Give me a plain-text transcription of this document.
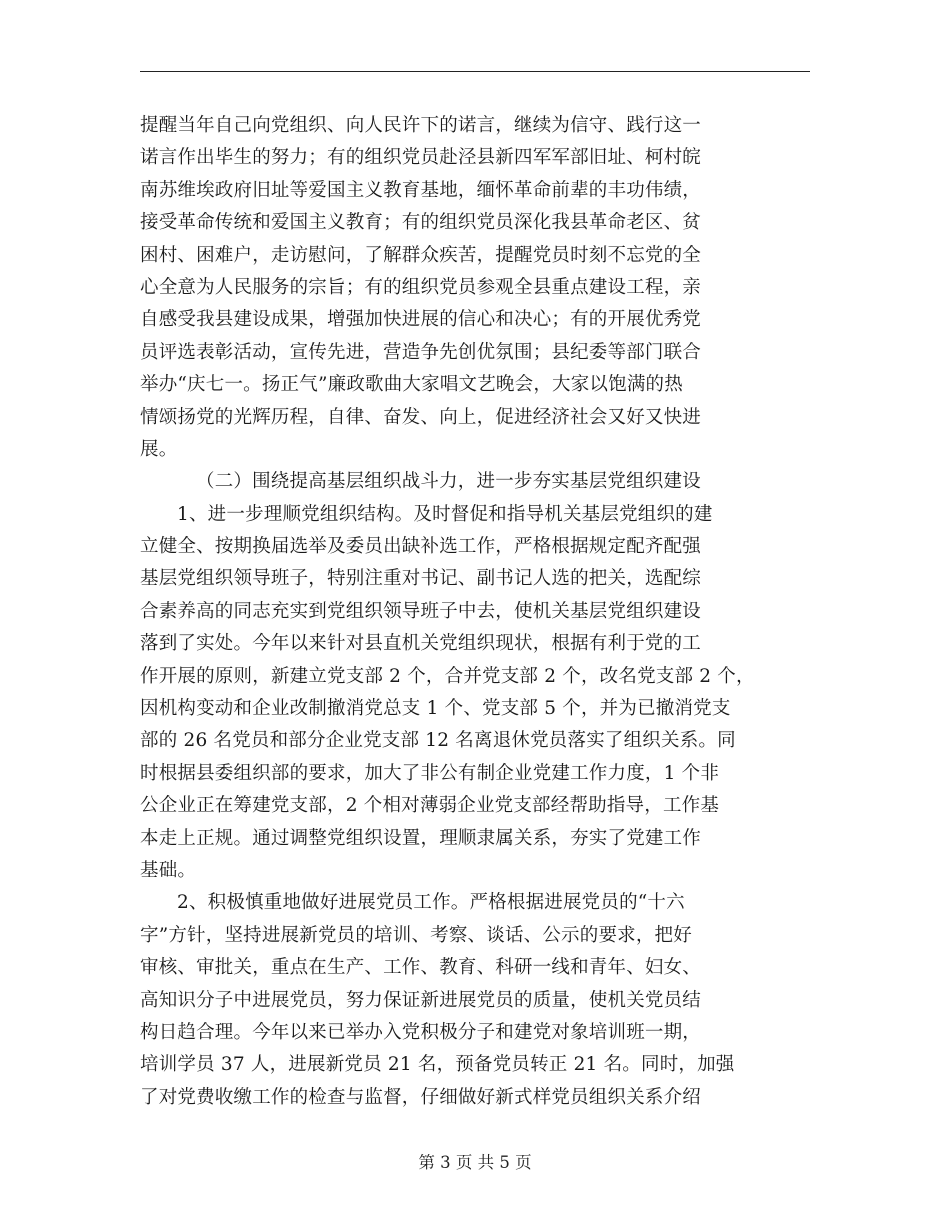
提醒当年自己向党组织、向人民许下的诺言，继续为信守、践行这一
诺言作出毕生的努力；有的组织党员赴泾县新四军军部旧址、柯村皖
南苏维埃政府旧址等爱国主义教育基地，缅怀革命前辈的丰功伟绩，
接受革命传统和爱国主义教育；有的组织党员深化我县革命老区、贫
困村、困难户，走访慰问，了解群众疾苦，提醒党员时刻不忘党的全
心全意为人民服务的宗旨；有的组织党员参观全县重点建设工程，亲
自感受我县建设成果，增强加快进展的信心和决心；有的开展优秀党
员评选表彰活动，宣传先进，营造争先创优氛围；县纪委等部门联合
举办“庆七一。扬正气”廉政歌曲大家唱文艺晚会，大家以饱满的热
情颂扬党的光辉历程，自律、奋发、向上，促进经济社会又好又快进
展。
（二）围绕提高基层组织战斗力，进一步夯实基层党组织建设
1、进一步理顺党组织结构。及时督促和指导机关基层党组织的建
立健全、按期换届选举及委员出缺补选工作，严格根据规定配齐配强
基层党组织领导班子，特别注重对书记、副书记人选的把关，选配综
合素养高的同志充实到党组织领导班子中去，使机关基层党组织建设
落到了实处。今年以来针对县直机关党组织现状，根据有利于党的工
作开展的原则，新建立党支部 2 个，合并党支部 2 个，改名党支部 2 个，
因机构变动和企业改制撤消党总支 1 个、党支部 5 个，并为已撤消党支
部的 26 名党员和部分企业党支部 12 名离退休党员落实了组织关系。同
时根据县委组织部的要求，加大了非公有制企业党建工作力度，1 个非
公企业正在筹建党支部，2 个相对薄弱企业党支部经帮助指导，工作基
本走上正规。通过调整党组织设置，理顺隶属关系，夯实了党建工作
基础。
2、积极慎重地做好进展党员工作。严格根据进展党员的“十六
字”方针，坚持进展新党员的培训、考察、谈话、公示的要求，把好
审核、审批关，重点在生产、工作、教育、科研一线和青年、妇女、
高知识分子中进展党员，努力保证新进展党员的质量，使机关党员结
构日趋合理。今年以来已举办入党积极分子和建党对象培训班一期，
培训学员 37 人，进展新党员 21 名，预备党员转正 21 名。同时，加强
了对党费收缴工作的检查与监督，仔细做好新式样党员组织关系介绍
第 3 页 共 5 页
